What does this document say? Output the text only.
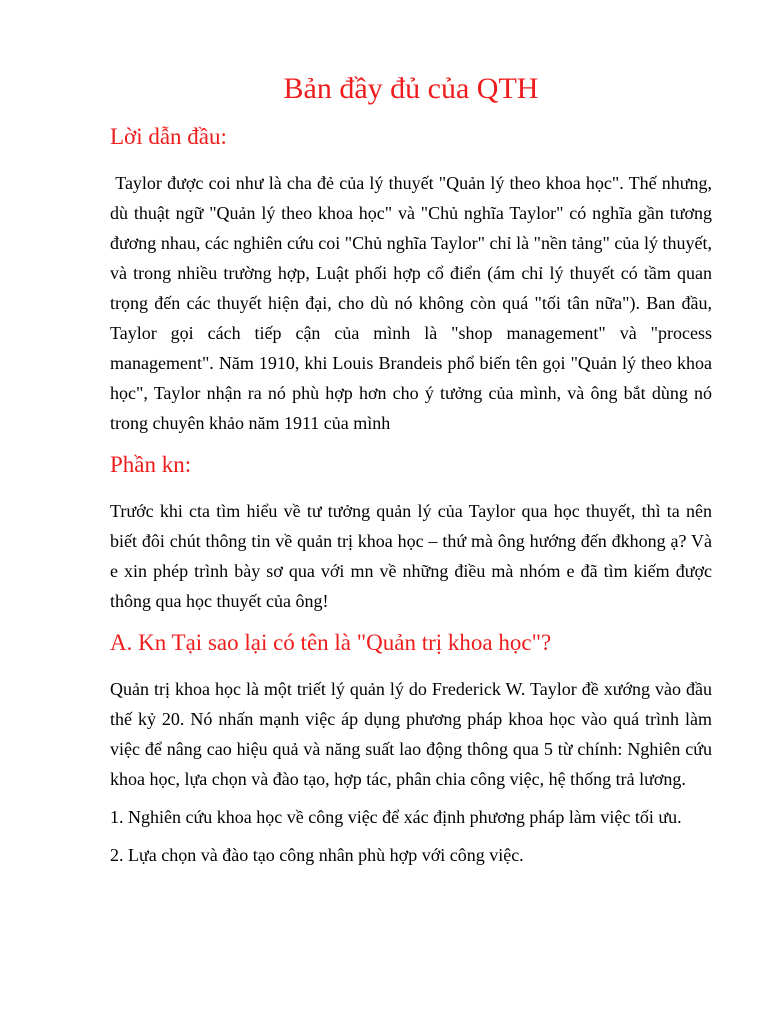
Bản đầy đủ của QTH
Lời dẫn đầu:

Taylor được coi như là cha đẻ của lý thuyết "Quản lý theo khoa học". Thế nhưng, dù thuật ngữ "Quản lý theo khoa học" và "Chủ nghĩa Taylor" có nghĩa gần tương đương nhau, các nghiên cứu coi "Chủ nghĩa Taylor" chỉ là "nền tảng" của lý thuyết, và trong nhiều trường hợp, Luật phối hợp cổ điển (ám chỉ lý thuyết có tầm quan trọng đến các thuyết hiện đại, cho dù nó không còn quá "tối tân nữa"). Ban đầu, Taylor gọi cách tiếp cận của mình là "shop management" và "process management". Năm 1910, khi Louis Brandeis phổ biến tên gọi "Quản lý theo khoa học", Taylor nhận ra nó phù hợp hơn cho ý tưởng của mình, và ông bắt dùng nó trong chuyên khảo năm 1911 của mình

Phần kn:

Trước khi cta tìm hiểu về tư tưởng quản lý của Taylor qua học thuyết, thì ta nên biết đôi chút thông tin về quản trị khoa học – thứ mà ông hướng đến đkhong ạ? Và e xin phép trình bày sơ qua với mn về những điều mà nhóm e đã tìm kiếm được thông qua học thuyết của ông!

A. Kn Tại sao lại có tên là "Quản trị khoa học"?

Quản trị khoa học là một triết lý quản lý do Frederick W. Taylor đề xướng vào đầu thế kỷ 20. Nó nhấn mạnh việc áp dụng phương pháp khoa học vào quá trình làm việc để nâng cao hiệu quả và năng suất lao động thông qua 5 từ chính: Nghiên cứu khoa học, lựa chọn và đào tạo, hợp tác, phân chia công việc, hệ thống trả lương.

1. Nghiên cứu khoa học về công việc để xác định phương pháp làm việc tối ưu.

2. Lựa chọn và đào tạo công nhân phù hợp với công việc.
